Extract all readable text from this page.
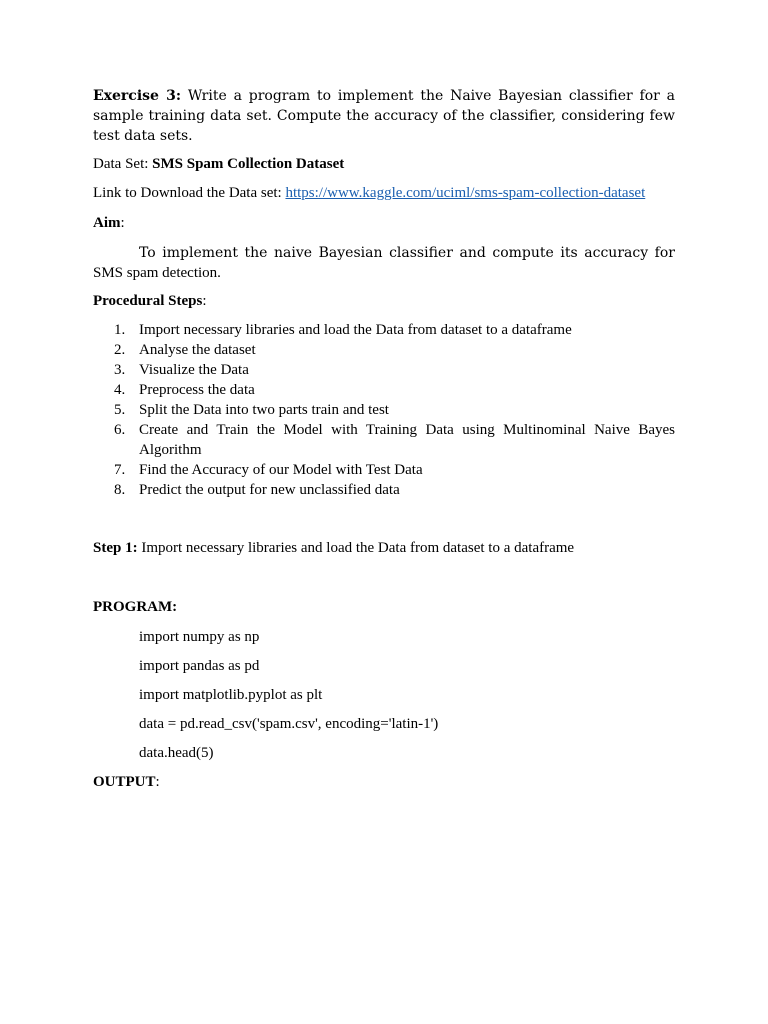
Exercise 3: Write a program to implement the Naive Bayesian classifier for a sample training data set. Compute the accuracy of the classifier, considering few test data sets.

Data Set: SMS Spam Collection Dataset

Link to Download the Data set: https://www.kaggle.com/uciml/sms-spam-collection-dataset

Aim:

To implement the naive Bayesian classifier and compute its accuracy for SMS spam detection.

Procedural Steps:

1. Import necessary libraries and load the Data from dataset to a dataframe
2. Analyse the dataset
3. Visualize the Data
4. Preprocess the data
5. Split the Data into two parts train and test
6. Create and Train the Model with Training Data using Multinominal Naive Bayes Algorithm
7. Find the Accuracy of our Model with Test Data
8. Predict the output for new unclassified data

Step 1: Import necessary libraries and load the Data from dataset to a dataframe

PROGRAM:

import numpy as np

import pandas as pd

import matplotlib.pyplot as plt

data = pd.read_csv('spam.csv', encoding='latin-1')

data.head(5)

OUTPUT:
